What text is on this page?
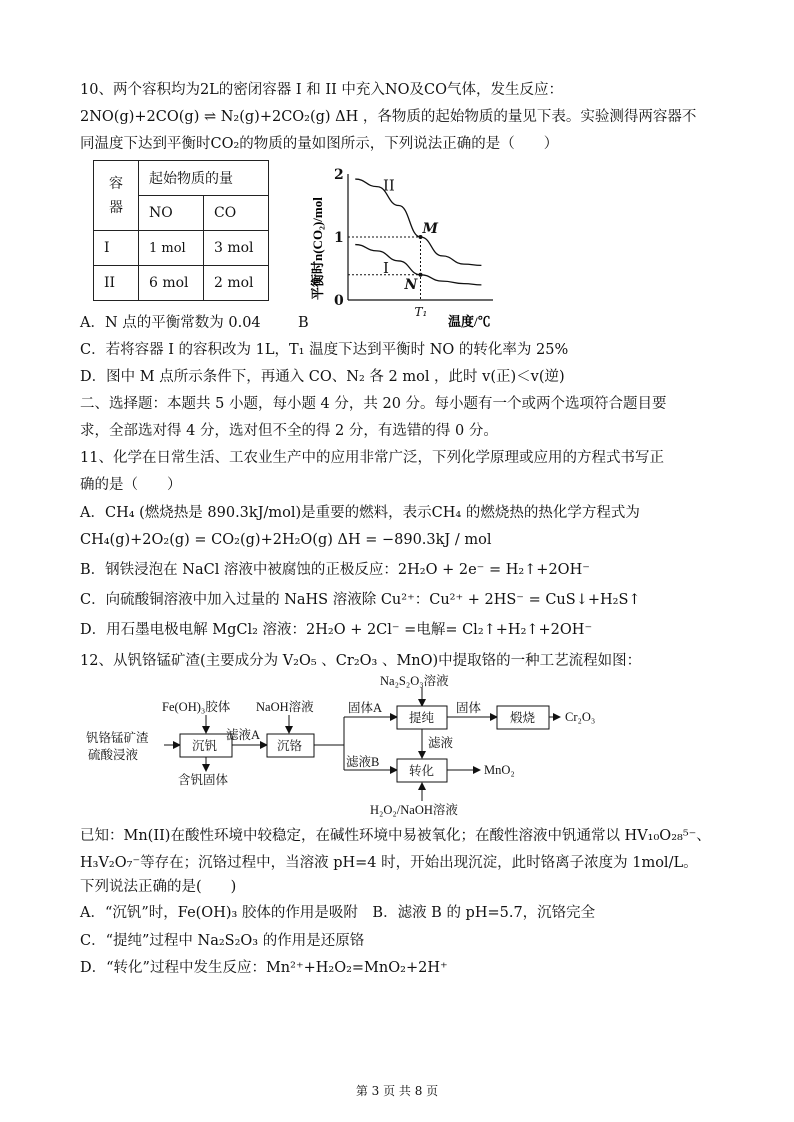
10、两个容积均为2L的密闭容器 I 和 II 中充入NO及CO气体，发生反应：
2NO(g)+2CO(g) ⇌ N₂(g)+2CO₂(g) ΔH ，各物质的起始物质的量见下表。实验测得两容器不
同温度下达到平衡时CO₂的物质的量如图所示，下列说法正确的是（　　）
容器	起始物质的量	
	NO	CO
I	1 mol	3 mol
II	6 mol	2 mol	平衡时n(CO₂)/mol
0
1
2
II
I
M
N
T₁
温度/℃
A．N 点的平衡常数为 0.04	B
C．若将容器 I 的容积改为 1L，T₁ 温度下达到平衡时 NO 的转化率为 25%
D．图中 M 点所示条件下，再通入 CO、N₂ 各 2 mol ，此时 v(正)＜v(逆)
二、选择题：本题共 5 小题，每小题 4 分，共 20 分。每小题有一个或两个选项符合题目要
求，全部选对得 4 分，选对但不全的得 2 分，有选错的得 0 分。
11、化学在日常生活、工农业生产中的应用非常广泛，下列化学原理或应用的方程式书写正
确的是（　　）
A．CH₄ (燃烧热是 890.3kJ/mol)是重要的燃料，表示CH₄ 的燃烧热的热化学方程式为
CH₄(g)+2O₂(g) = CO₂(g)+2H₂O(g) ΔH = −890.3kJ / mol
B．钢铁浸泡在 NaCl 溶液中被腐蚀的正极反应：2H₂O + 2e⁻ = H₂↑+2OH⁻
C．向硫酸铜溶液中加入过量的 NaHS 溶液除 Cu²⁺：Cu²⁺ + 2HS⁻ = CuS↓+H₂S↑
D．用石墨电极电解 MgCl₂ 溶液：2H₂O + 2Cl⁻ =电解= Cl₂↑+H₂↑+2OH⁻
12、从钒铬锰矿渣(主要成分为 V₂O₅ 、Cr₂O₃ 、MnO)中提取铬的一种工艺流程如图：
钒铬锰矿渣
硫酸浸液
Fe(OH)₃胶体 NaOH溶液
沉钒
滤液A
沉铬
含钒固体
固体A
滤液B
Na₂S₂O₃溶液
提纯
固体
煅烧 Cr₂O₃
滤液
转化	MnO₂
H₂O₂/NaOH溶液
已知：Mn(II)在酸性环境中较稳定，在碱性环境中易被氧化；在酸性溶液中钒通常以 HV₁₀O₂₈⁵⁻、
H₃V₂O₇⁻等存在；沉铬过程中，当溶液 pH=4 时，开始出现沉淀，此时铬离子浓度为 1mol/L。
下列说法正确的是(　　)
A．“沉钒”时，Fe(OH)₃ 胶体的作用是吸附　B．滤液 B 的 pH=5.7，沉铬完全
C．“提纯”过程中 Na₂S₂O₃ 的作用是还原铬
D．“转化”过程中发生反应：Mn²⁺+H₂O₂=MnO₂+2H⁺
第 3 页 共 8 页
